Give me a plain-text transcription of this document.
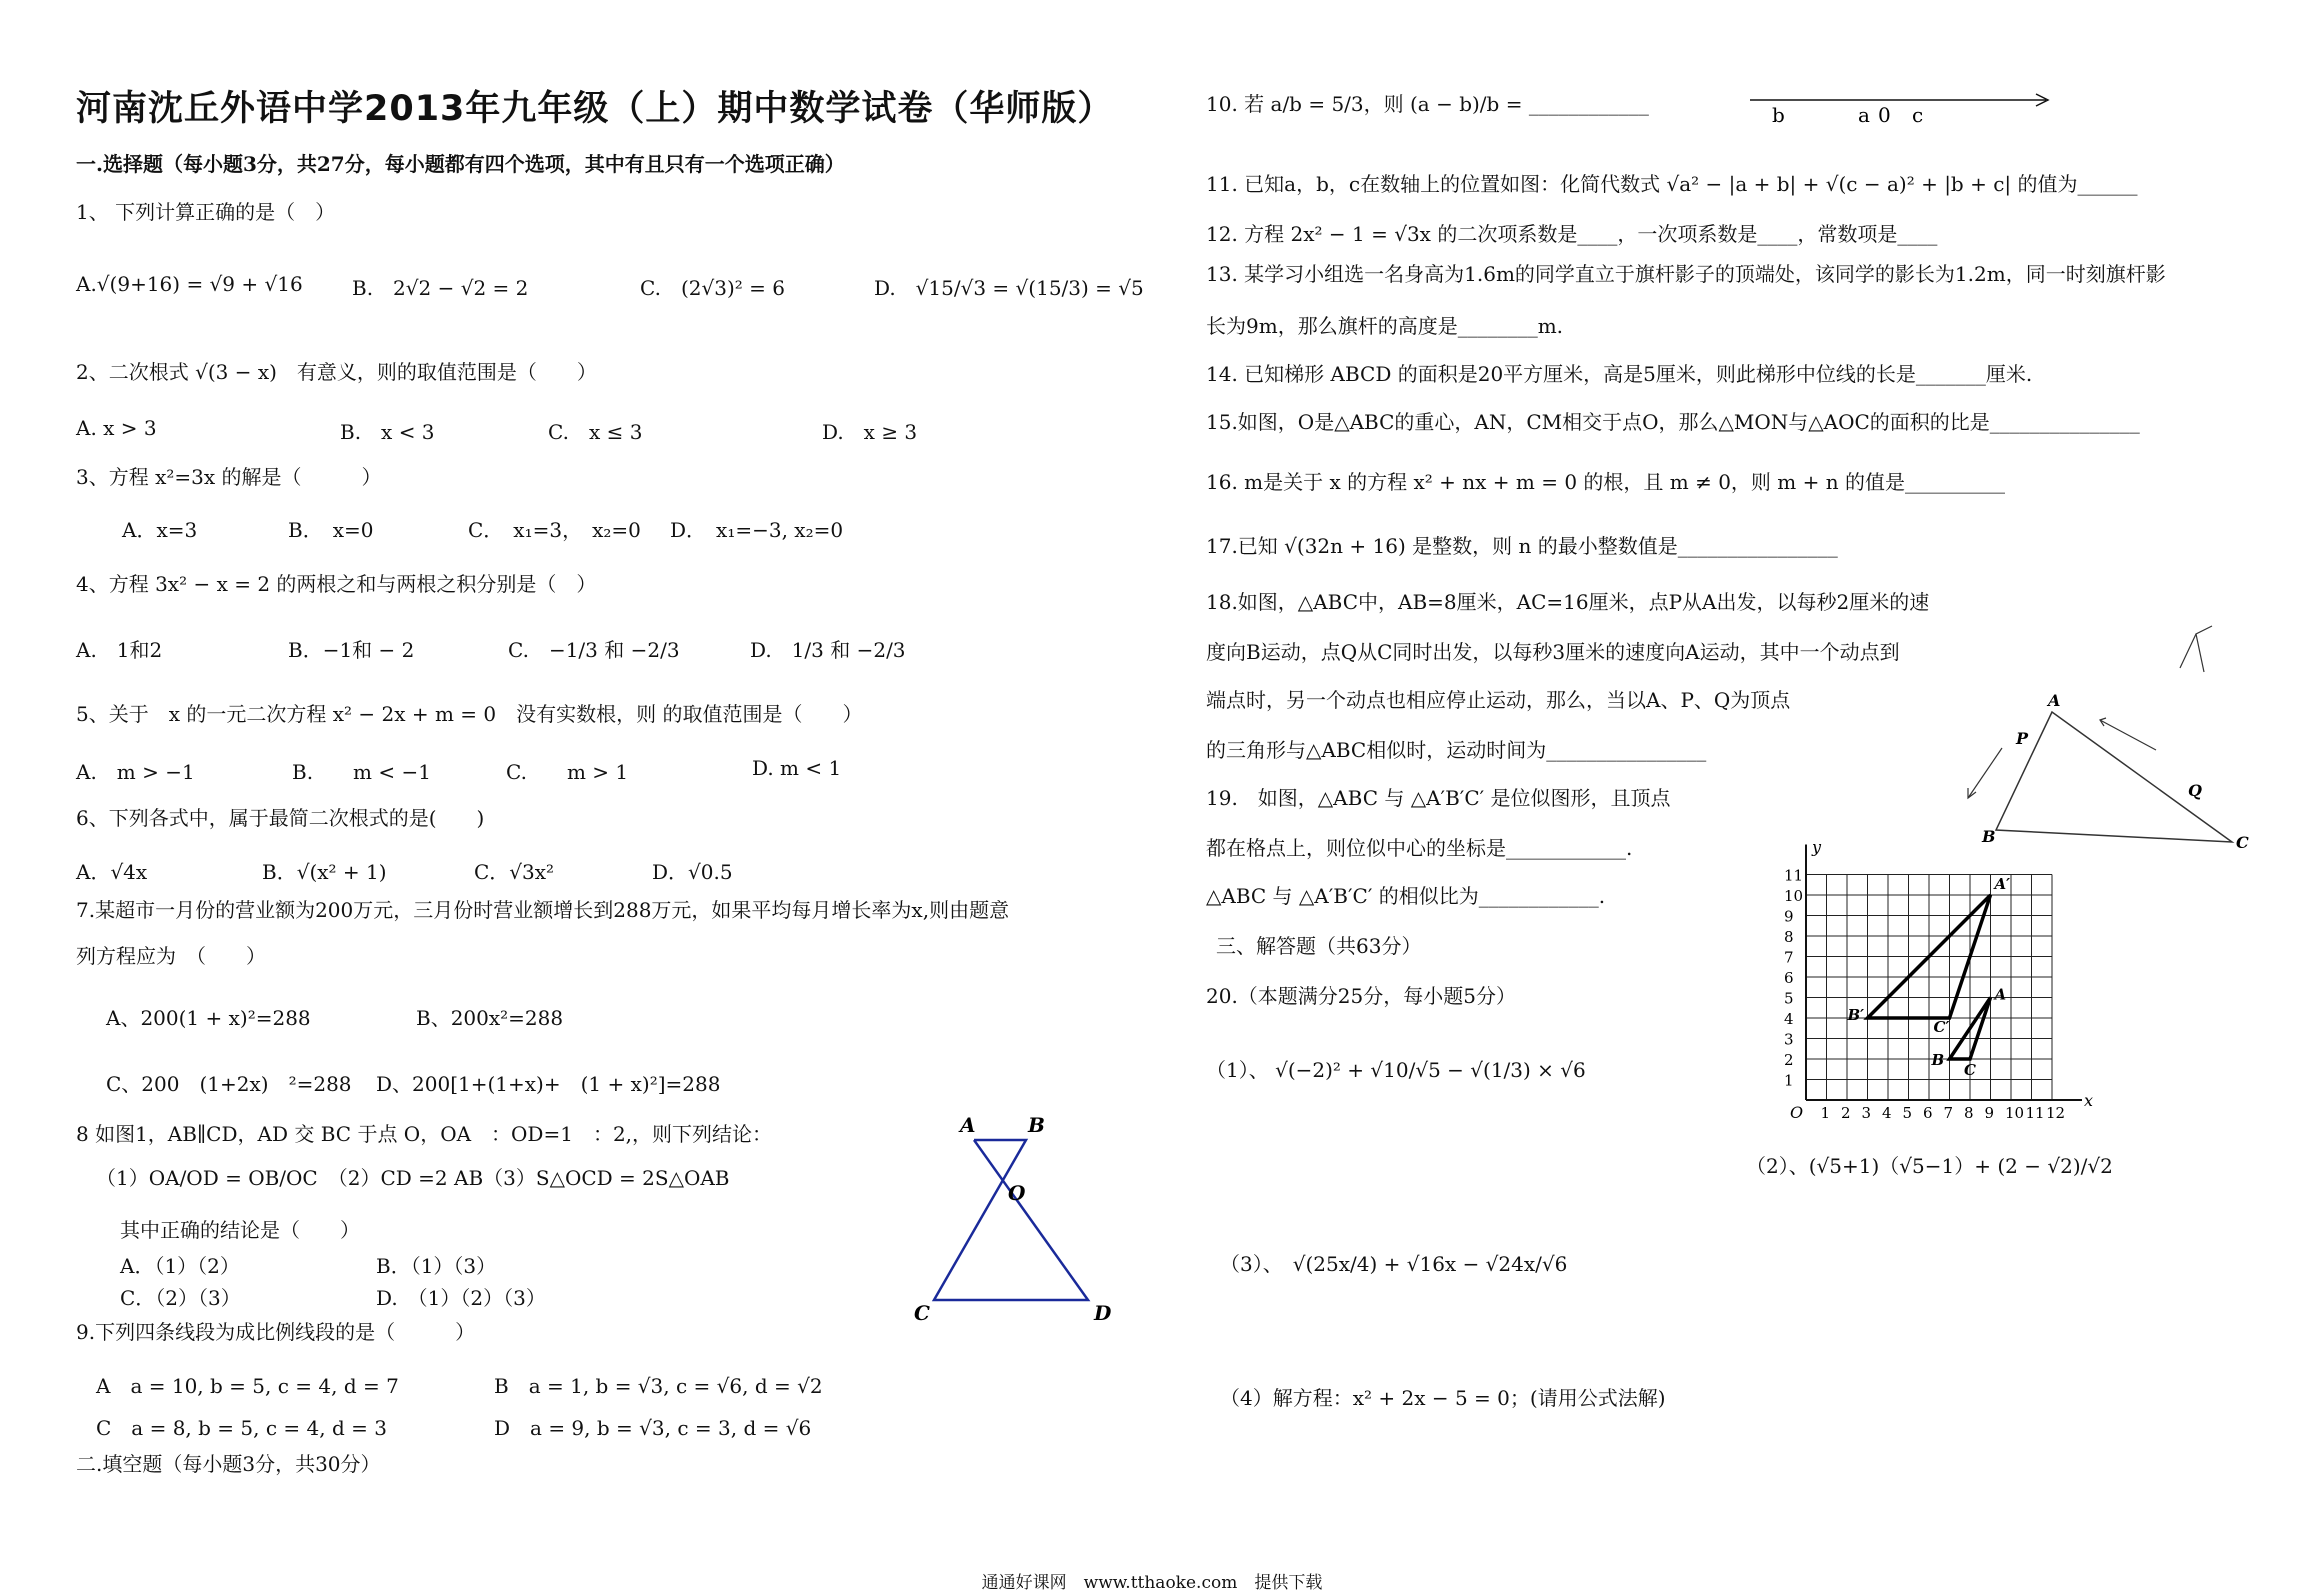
河南沈丘外语中学2013年九年级（上）期中数学试卷（华师版）
一.选择题（每小题3分，共27分，每小题都有四个选项，其中有且只有一个选项正确）
1、 下列计算正确的是（　）
A.√(9+16) = √9 + √16 B.　2√2 − √2 = 2	C.　(2√3)² = 6	D.　√15/√3 = √(15/3) = √5
2、二次根式 √(3 − x)　有意义，则的取值范围是（　　）
A. x > 3	B.　x < 3	C.　x ≤ 3	D.　x ≥ 3
3、方程 x²=3x 的解是（　　　）
A．x=3	B．　x=0	C．　x₁=3，　x₂=0 D．　x₁=−3, x₂=0
4、方程 3x² − x = 2 的两根之和与两根之积分别是（　）
A.　1和2	B．−1和 − 2	C.　−1/3 和 −2/3	D.　1/3 和 −2/3
5、关于　x 的一元二次方程 x² − 2x + m = 0　没有实数根，则 的取值范围是（　　）
A.　m > −1	B.　　m < −1	C.　　m > 1	D. m < 1
6、下列各式中，属于最简二次根式的是(　　)
A．√4x	B．√(x² + 1)	C．√3x²	D．√0.5
7.某超市一月份的营业额为200万元，三月份时营业额增长到288万元，如果平均每月增长率为x,则由题意
列方程应为　（　　）
A、200(1 + x)²=288	B、200x²=288
C、200　(1+2x)　²=288 D、200[1+(1+x)+　(1 + x)²]=288
8 如图1，AB∥CD，AD 交 BC 于点 O，OA　：OD=1　：2,，则下列结论：
（1）OA/OD = OB/OC　（2）CD =2 AB（3）S△OCD = 2S△OAB
其中正确的结论是（　　）
A．（1）（2）	B．（1）（3）
C．（2）（3）	D.　（1）（2）（3）
A	B
O
C	D
9.下列四条线段为成比例线段的是（　　　）
A　a = 10, b = 5, c = 4, d = 7	B　a = 1, b = √3, c = √6, d = √2
C　a = 8, b = 5, c = 4, d = 3	D　a = 9, b = √3, c = 3, d = √6
二.填空题（每小题3分，共30分）
10. 若 a/b = 5/3，则 (a − b)/b = ____________	b	a 0 c
11. 已知a，b，c在数轴上的位置如图：化简代数式 √a² − |a + b| + √(c − a)² + |b + c| 的值为______
12. 方程 2x² − 1 = √3x 的二次项系数是____，一次项系数是____，常数项是____
13. 某学习小组选一名身高为1.6m的同学直立于旗杆影子的顶端处，该同学的影长为1.2m，同一时刻旗杆影
长为9m，那么旗杆的高度是________m.
14. 已知梯形 ABCD 的面积是20平方厘米，高是5厘米，则此梯形中位线的长是_______厘米.
15.如图，O是△ABC的重心，AN，CM相交于点O，那么△MON与△AOC的面积的比是_______________
16. m是关于 x 的方程 x² + nx + m = 0 的根，且 m ≠ 0，则 m + n 的值是__________
17.已知 √(32n + 16) 是整数，则 n 的最小整数值是________________
18.如图，△ABC中，AB=8厘米，AC=16厘米，点P从A出发，以每秒2厘米的速
度向B运动，点Q从C同时出发，以每秒3厘米的速度向A运动，其中一个动点到
端点时，另一个动点也相应停止运动，那么，当以A、P、Q为顶点
的三角形与△ABC相似时，运动时间为________________
A
B	C
P
Q
19.　如图，△ABC 与 △A′B′C′ 是位似图形，且顶点
都在格点上，则位似中心的坐标是____________.
△ABC 与 △A′B′C′ 的相似比为____________.
1 2 3 4 5 6 7 8 9 10 11 12
1
2
3
4
5
6
7
8
9
10
11
x
y
O
A′
B′
C′
A
B
C
三、解答题（共63分）
20.（本题满分25分，每小题5分）
（1）、 √(−2)² + √10/√5 − √(1/3) × √6
（2）、(√5+1)（√5−1）+ (2 − √2)/√2
（3）、　√(25x/4) + √16x − √24x/√6
（4）解方程：x² + 2x − 5 = 0；(请用公式法解)
通通好课网　www.tthaoke.com　提供下载
